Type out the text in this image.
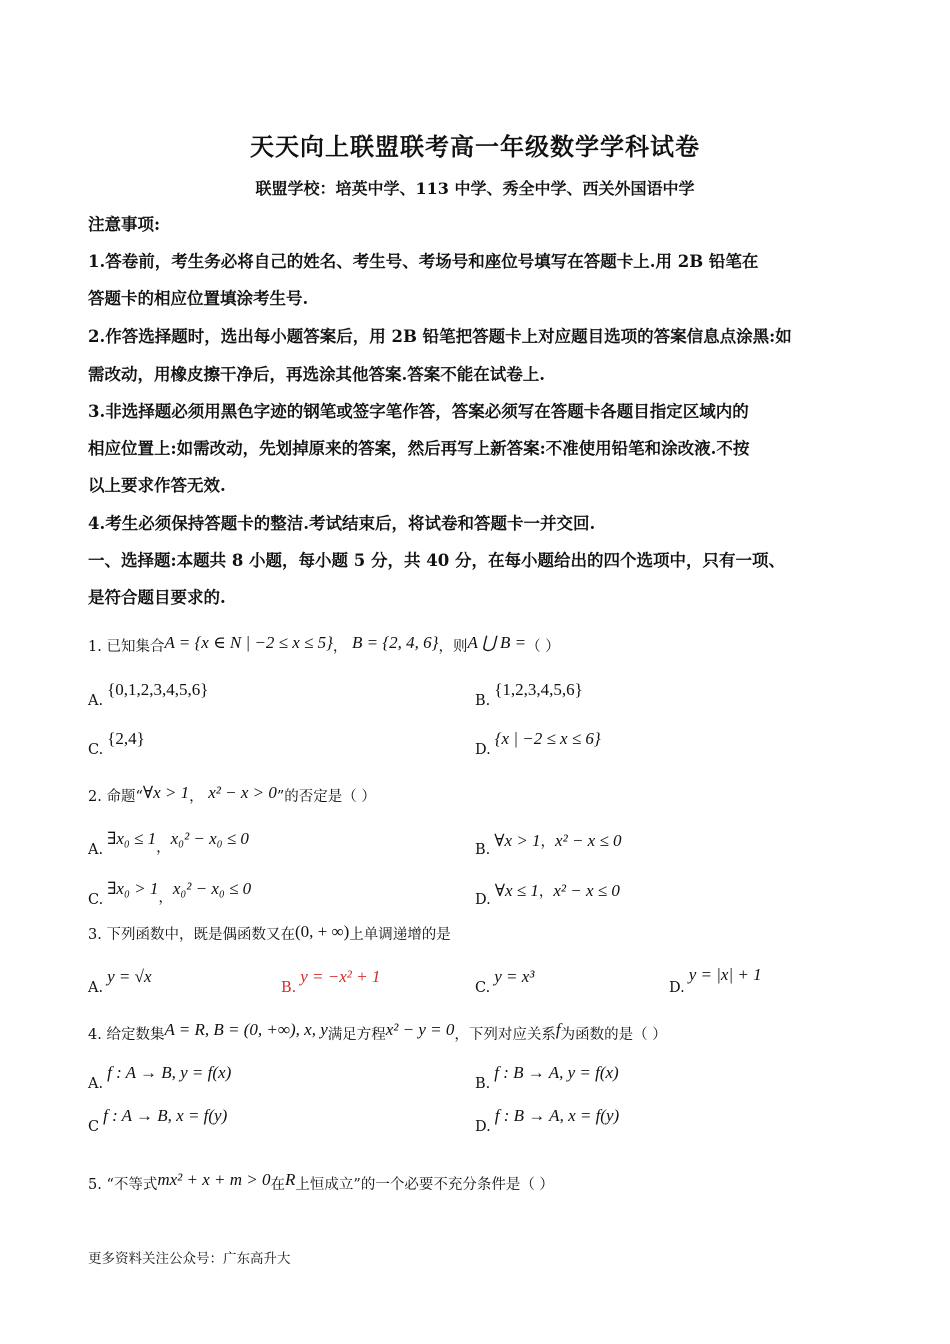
天天向上联盟联考高一年级数学学科试卷
联盟学校：培英中学、113 中学、秀全中学、西关外国语中学
注意事项:
1.答卷前，考生务必将自己的姓名、考生号、考场号和座位号填写在答题卡上.用 2B 铅笔在
答题卡的相应位置填涂考生号.
2.作答选择题时，选出每小题答案后，用 2B 铅笔把答题卡上对应题目选项的答案信息点涂黑:如
需改动，用橡皮擦干净后，再选涂其他答案.答案不能在试卷上.
3.非选择题必须用黑色字迹的钢笔或签字笔作答，答案必须写在答题卡各题目指定区域内的
相应位置上:如需改动，先划掉原来的答案，然后再写上新答案:不准使用铅笔和涂改液.不按
以上要求作答无效.
4.考生必须保持答题卡的整洁.考试结束后，将试卷和答题卡一并交回.
一、选择题:本题共 8 小题，每小题 5 分，共 40 分，在每小题给出的四个选项中，只有一项、
是符合题目要求的.
1. 已知集合A = {x ∈ N | −2 ≤ x ≤ 5}， B = {2, 4, 6}，则A ⋃ B =（ ）
A.{0,1,2,3,4,5,6}
B.{1,2,3,4,5,6}
C.{2,4}
D.{x | −2 ≤ x ≤ 6}
2. 命题“∀x > 1， x² − x > 0”的否定是（ ）
A.∃x₀ ≤ 1，x₀² − x₀ ≤ 0
B. ∀x > 1，x² − x ≤ 0
C.∃x₀ > 1，x₀² − x₀ ≤ 0
D. ∀x ≤ 1，x² − x ≤ 0
3. 下列函数中，既是偶函数又在(0, + ∞)上单调递增的是
A.y = √x
B.y = −x² + 1
C.y = x³
D.y = |x| + 1
4. 给定数集A = R, B = (0, +∞), x, y满足方程x² − y = 0，下列对应关系f为函数的是（ ）
A.f : A → B, y = f(x)
B.f : B → A, y = f(x)
Cf : A → B, x = f(y)
D.f : B → A, x = f(y)
5. “不等式mx² + x + m > 0在R上恒成立”的一个必要不充分条件是（ ）
更多资料关注公众号：广东高升大
